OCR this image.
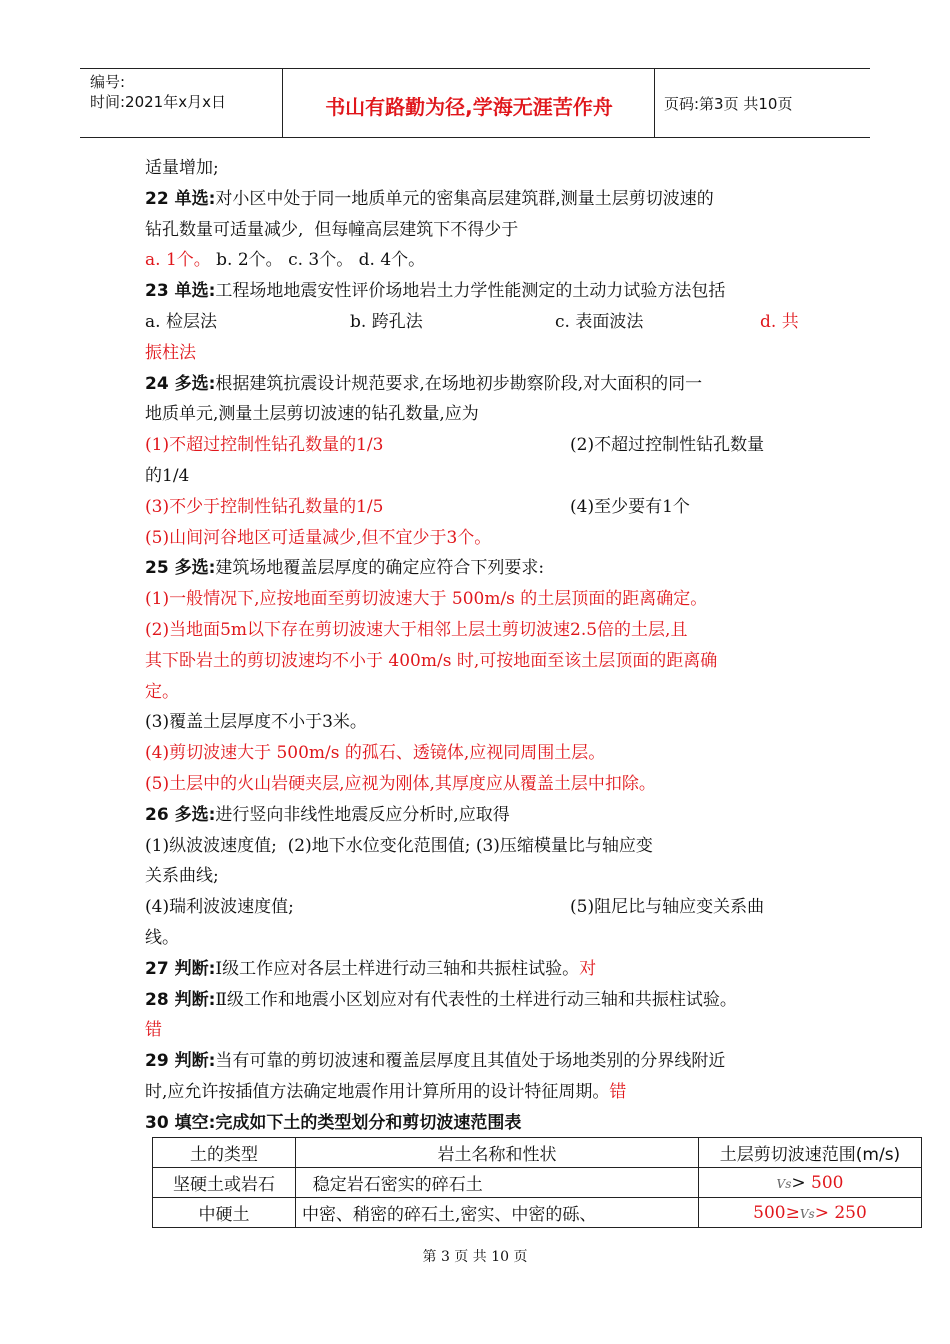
编号:
时间:2021年x月x日	书山有路勤为径,学海无涯苦作舟	页码:第3页 共10页
适量增加;
22 单选:对小区中处于同一地质单元的密集高层建筑群,测量土层剪切波速的
钻孔数量可适量减少,  但每幢高层建筑下不得少于
a. 1个。 b. 2个。 c. 3个。 d. 4个。
23 单选:工程场地地震安性评价场地岩土力学性能测定的土动力试验方法包括
a. 检层法	b. 跨孔法	c. 表面波法	d. 共
振柱法
24 多选:根据建筑抗震设计规范要求,在场地初步勘察阶段,对大面积的同一
地质单元,测量土层剪切波速的钻孔数量,应为
(1)不超过控制性钻孔数量的1/3	(2)不超过控制性钻孔数量
的1/4
(3)不少于控制性钻孔数量的1/5	(4)至少要有1个
(5)山间河谷地区可适量减少,但不宜少于3个。
25 多选:建筑场地覆盖层厚度的确定应符合下列要求:
(1)一般情况下,应按地面至剪切波速大于 500m/s 的土层顶面的距离确定。
(2)当地面5m以下存在剪切波速大于相邻上层土剪切波速2.5倍的土层,且
其下卧岩土的剪切波速均不小于 400m/s 时,可按地面至该土层顶面的距离确
定。
(3)覆盖土层厚度不小于3米。
(4)剪切波速大于 500m/s 的孤石、透镜体,应视同周围土层。
(5)土层中的火山岩硬夹层,应视为刚体,其厚度应从覆盖土层中扣除。
26 多选:进行竖向非线性地震反应分析时,应取得
(1)纵波波速度值;  (2)地下水位变化范围值; (3)压缩模量比与轴应变
关系曲线;
(4)瑞利波波速度值;	(5)阻尼比与轴应变关系曲
线。
27 判断:Ⅰ级工作应对各层土样进行动三轴和共振柱试验。对
28 判断:Ⅱ级工作和地震小区划应对有代表性的土样进行动三轴和共振柱试验。
错
29 判断:当有可靠的剪切波速和覆盖层厚度且其值处于场地类别的分界线附近
时,应允许按插值方法确定地震作用计算所用的设计特征周期。错
30 填空:完成如下土的类型划分和剪切波速范围表
土的类型	岩土名称和性状	土层剪切波速范围(m/s)
坚硬土或岩石	稳定岩石密实的碎石土	Vs> 500
中硬土	中密、稍密的碎石土,密实、中密的砾、	500≥Vs> 250
第 3 页 共 10 页
